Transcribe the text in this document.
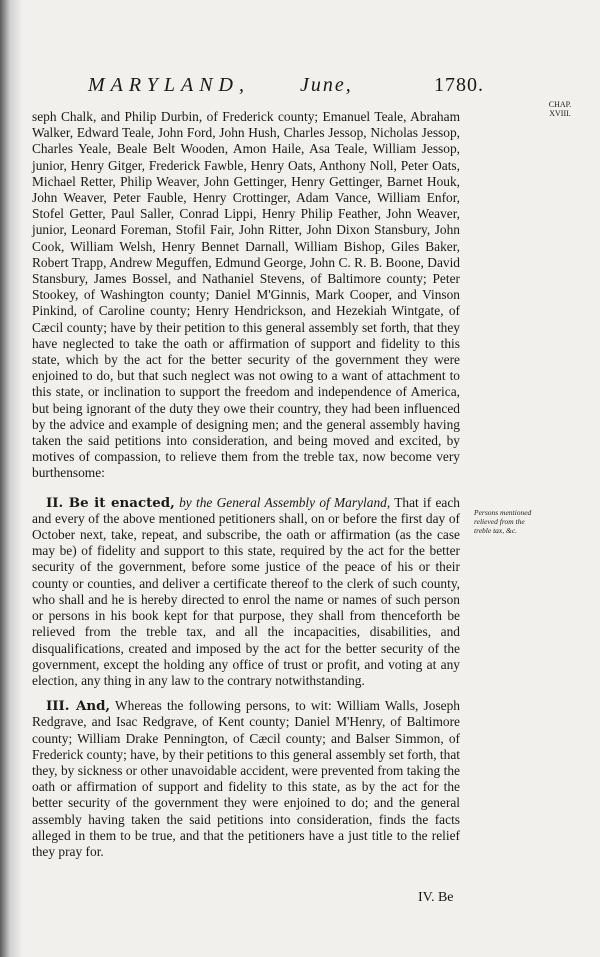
MARYLAND,	June,	1780.
CHAP.
XVIII.

seph Chalk, and Philip Durbin, of Frederick county; Emanuel Teale, Abraham Walker, Edward Teale, John Ford, John Hush, Charles Jessop, Nicholas Jessop, Charles Yeale, Beale Belt Wooden, Amon Haile, Asa Teale, William Jessop, junior, Henry Gitger, Frederick Fawble, Henry Oats, Anthony Noll, Peter Oats, Michael Retter, Philip Weaver, John Gettinger, Henry Gettinger, Barnet Houk, John Weaver, Peter Fauble, Henry Crottinger, Adam Vance, William Enfor, Stofel Getter, Paul Saller, Conrad Lippi, Henry Philip Feather, John Weaver, junior, Leonard Foreman, Stofil Fair, John Ritter, John Dixon Stansbury, John Cook, William Welsh, Henry Bennet Darnall, William Bishop, Giles Baker, Robert Trapp, Andrew Meguffen, Edmund George, John C. R. B. Boone, David Stansbury, James Bossel, and Nathaniel Stevens, of Baltimore county; Peter Stookey, of Washington county; Daniel M'Ginnis, Mark Cooper, and Vinson Pinkind, of Caroline county; Henry Hendrickson, and Hezekiah Wintgate, of Cæcil county; have by their petition to this general assembly set forth, that they have neglected to take the oath or affirmation of support and fidelity to this state, which by the act for the better security of the government they were enjoined to do, but that such neglect was not owing to a want of attachment to this state, or inclination to support the freedom and independence of America, but being ignorant of the duty they owe their country, they had been influenced by the advice and example of designing men; and the general assembly having taken the said petitions into consideration, and being moved and excited, by motives of compassion, to relieve them from the treble tax, now become very burthensome:

II. Be it enacted, by the General Assembly of Maryland, That if each and every of the above mentioned petitioners shall, on or before the first day of October next, take, repeat, and subscribe, the oath or affirmation (as the case may be) of fidelity and support to this state, required by the act for the better security of the government, before some justice of the peace of his or their county or counties, and deliver a certificate thereof to the clerk of such county, who shall and he is hereby directed to enrol the name or names of such person or persons in his book kept for that purpose, they shall from thenceforth be relieved from the treble tax, and all the incapacities, disabilities, and disqualifications, created and imposed by the act for the better security of the government, except the holding any office of trust or profit, and voting at any election, any thing in any law to the contrary notwithstanding.

III. And, Whereas the following persons, to wit: William Walls, Joseph Redgrave, and Isac Redgrave, of Kent county; Daniel M'Henry, of Baltimore county; William Drake Pennington, of Cæcil county; and Balser Simmon, of Frederick county; have, by their petitions to this general assembly set forth, that they, by sickness or other unavoidable accident, were prevented from taking the oath or affirmation of support and fidelity to this state, as by the act for the better security of the government they were enjoined to do; and the general assembly having taken the said petitions into consideration, finds the facts alleged in them to be true, and that the petitioners have a just title to the relief they pray for.

Persons mentioned relieved from the treble tax, &c.
IV. Be
